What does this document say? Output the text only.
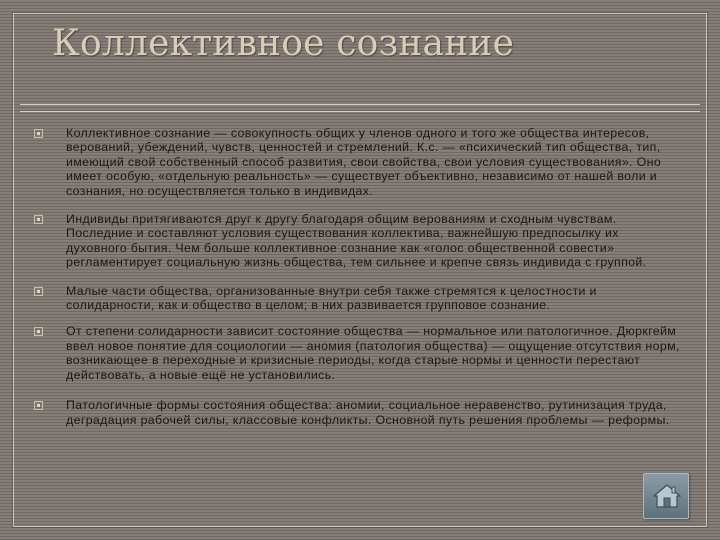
Коллективное сознание
Коллективное сознание — совокупность общих у членов одного и того же общества интересов, верований, убеждений, чувств, ценностей и стремлений. К.с. — «психический тип общества, тип, имеющий свой собственный способ развития, свои свойства, свои условия существования». Оно имеет особую, «отдельную реальность» — существует объективно, независимо от нашей воли и сознания, но осуществляется только в индивидах.
Индивиды притягиваются друг к другу благодаря общим верованиям и сходным чувствам. Последние и составляют условия существования коллектива, важнейшую предпосылку их духовного бытия. Чем больше коллективное сознание как «голос общественной совести» регламентирует социальную жизнь общества, тем сильнее и крепче связь индивида с группой.
Малые части общества, организованные внутри себя также стремятся к целостности и солидарности, как и общество в целом; в них развивается групповое сознание.
От степени солидарности зависит состояние общества — нормальное или патологичное. Дюркгейм ввел новое понятие для социологии — аномия (патология общества) — ощущение отсутствия норм, возникающее в переходные и кризисные периоды, когда старые нормы и ценности перестают действовать, а новые ещё не установились.
Патологичные формы состояния общества: аномии, социальное неравенство, рутинизация труда, деградация рабочей силы, классовые конфликты. Основной путь решения проблемы — реформы.
